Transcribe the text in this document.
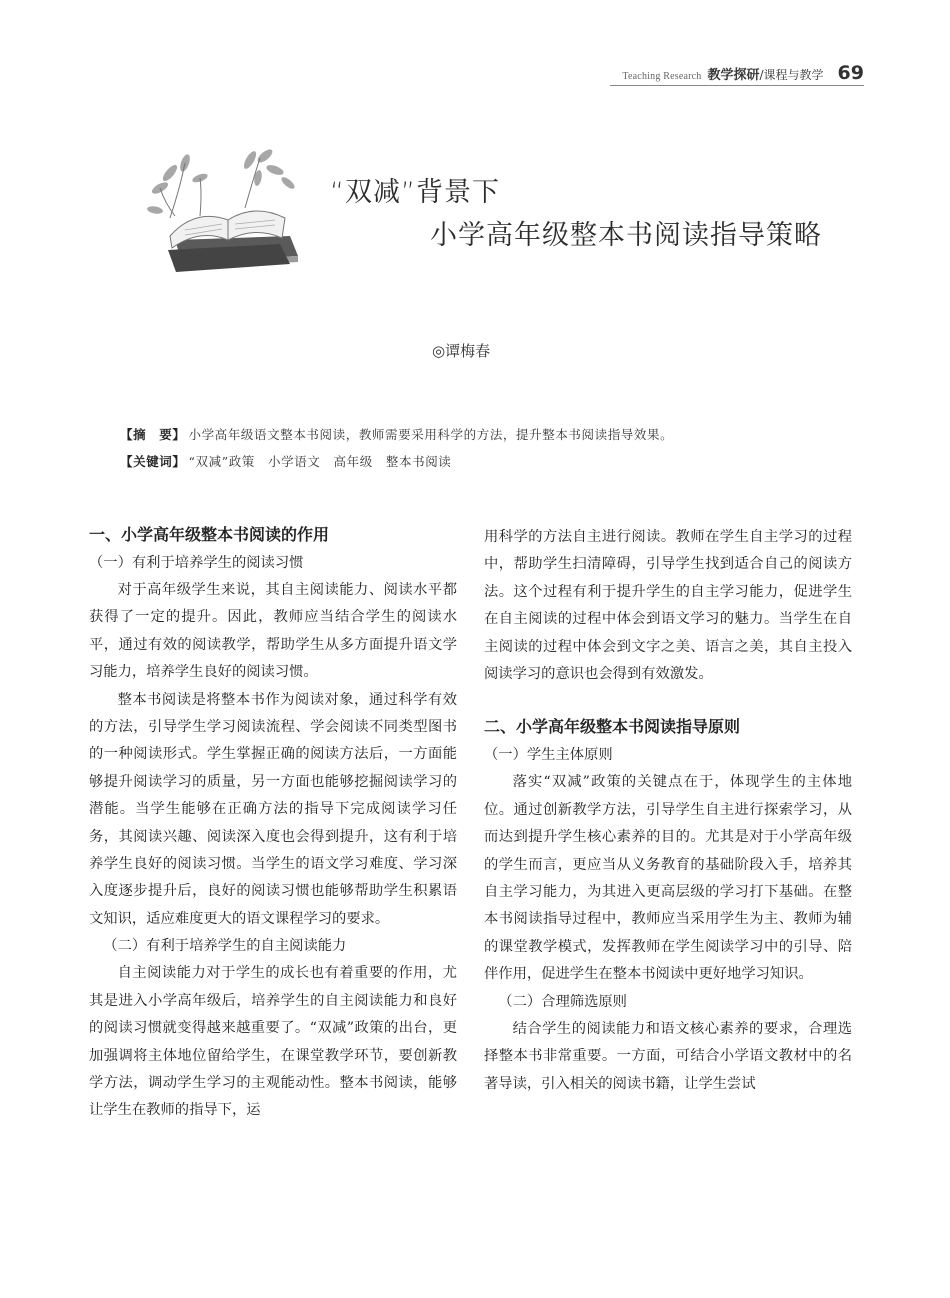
Teaching Research 教学探研 /课程与教学 69
“双减”背景下
小学高年级整本书阅读指导策略
◎谭梅春
【摘　要】 小学高年级语文整本书阅读，教师需要采用科学的方法，提升整本书阅读指导效果。
【关键词】 “双减”政策　小学语文　高年级　整本书阅读
一、小学高年级整本书阅读的作用

（一）有利于培养学生的阅读习惯

对于高年级学生来说，其自主阅读能力、阅读水平都获得了一定的提升。因此，教师应当结合学生的阅读水平，通过有效的阅读教学，帮助学生从多方面提升语文学习能力，培养学生良好的阅读习惯。

整本书阅读是将整本书作为阅读对象，通过科学有效的方法，引导学生学习阅读流程、学会阅读不同类型图书的一种阅读形式。学生掌握正确的阅读方法后，一方面能够提升阅读学习的质量，另一方面也能够挖掘阅读学习的潜能。当学生能够在正确方法的指导下完成阅读学习任务，其阅读兴趣、阅读深入度也会得到提升，这有利于培养学生良好的阅读习惯。当学生的语文学习难度、学习深入度逐步提升后，良好的阅读习惯也能够帮助学生积累语文知识，适应难度更大的语文课程学习的要求。

（二）有利于培养学生的自主阅读能力

自主阅读能力对于学生的成长也有着重要的作用，尤其是进入小学高年级后，培养学生的自主阅读能力和良好的阅读习惯就变得越来越重要了。“双减”政策的出台，更加强调将主体地位留给学生，在课堂教学环节，要创新教学方法，调动学生学习的主观能动性。整本书阅读，能够让学生在教师的指导下，运

用科学的方法自主进行阅读。教师在学生自主学习的过程中，帮助学生扫清障碍，引导学生找到适合自己的阅读方法。这个过程有利于提升学生的自主学习能力，促进学生在自主阅读的过程中体会到语文学习的魅力。当学生在自主阅读的过程中体会到文字之美、语言之美，其自主投入阅读学习的意识也会得到有效激发。

二、小学高年级整本书阅读指导原则

（一）学生主体原则

落实“双减”政策的关键点在于，体现学生的主体地位。通过创新教学方法，引导学生自主进行探索学习，从而达到提升学生核心素养的目的。尤其是对于小学高年级的学生而言，更应当从义务教育的基础阶段入手，培养其自主学习能力，为其进入更高层级的学习打下基础。在整本书阅读指导过程中，教师应当采用学生为主、教师为辅的课堂教学模式，发挥教师在学生阅读学习中的引导、陪伴作用，促进学生在整本书阅读中更好地学习知识。

（二）合理筛选原则

结合学生的阅读能力和语文核心素养的要求，合理选择整本书非常重要。一方面，可结合小学语文教材中的名著导读，引入相关的阅读书籍，让学生尝试
